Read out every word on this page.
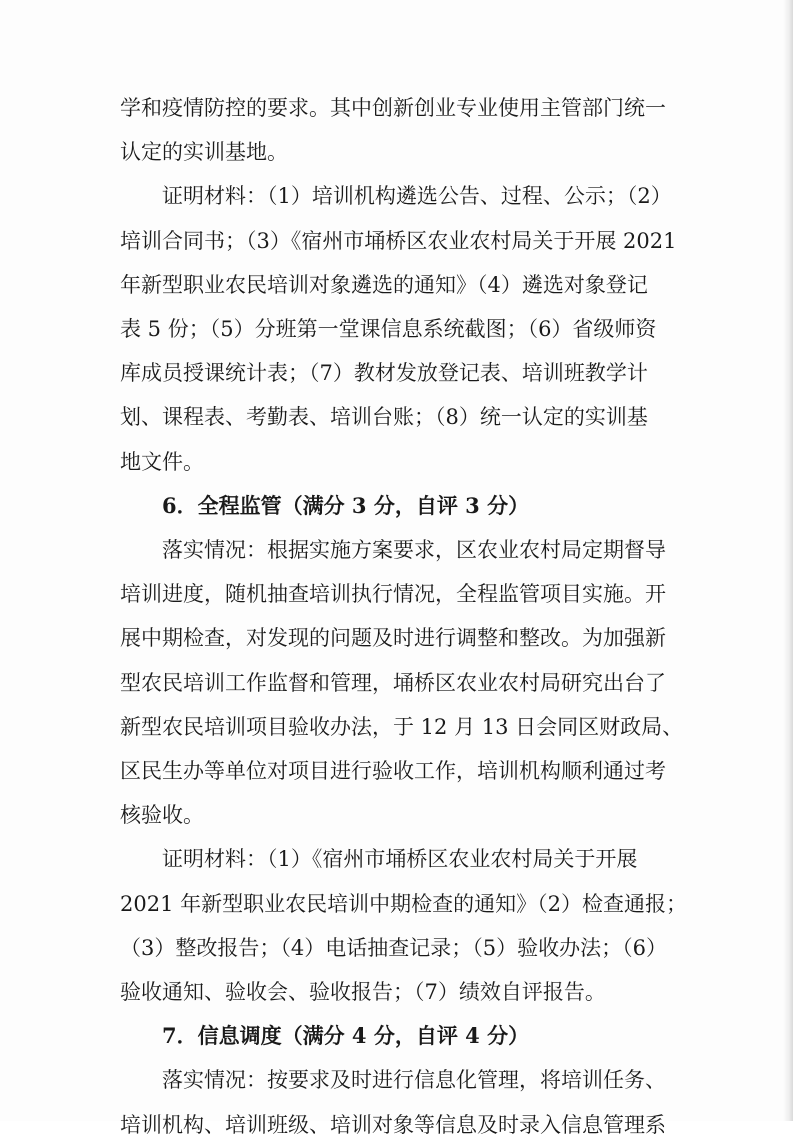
学和疫情防控的要求。其中创新创业专业使用主管部门统一
认定的实训基地。
证明材料：（1）培训机构遴选公告、过程、公示；（2）
培训合同书；（3）《宿州市埇桥区农业农村局关于开展 2021
年新型职业农民培训对象遴选的通知》（4）遴选对象登记
表 5 份；（5）分班第一堂课信息系统截图；（6）省级师资
库成员授课统计表；（7）教材发放登记表、培训班教学计
划、课程表、考勤表、培训台账；（8）统一认定的实训基
地文件。
6．全程监管（满分 3 分，自评 3 分）
落实情况：根据实施方案要求，区农业农村局定期督导
培训进度，随机抽查培训执行情况，全程监管项目实施。开
展中期检查，对发现的问题及时进行调整和整改。为加强新
型农民培训工作监督和管理，埇桥区农业农村局研究出台了
新型农民培训项目验收办法，于 12 月 13 日会同区财政局、
区民生办等单位对项目进行验收工作，培训机构顺利通过考
核验收。
证明材料：（1）《宿州市埇桥区农业农村局关于开展
2021 年新型职业农民培训中期检查的通知》（2）检查通报；
（3）整改报告；（4）电话抽查记录；（5）验收办法；（6）
验收通知、验收会、验收报告；（7）绩效自评报告。
7．信息调度（满分 4 分，自评 4 分）
落实情况：按要求及时进行信息化管理，将培训任务、
培训机构、培训班级、培训对象等信息及时录入信息管理系
